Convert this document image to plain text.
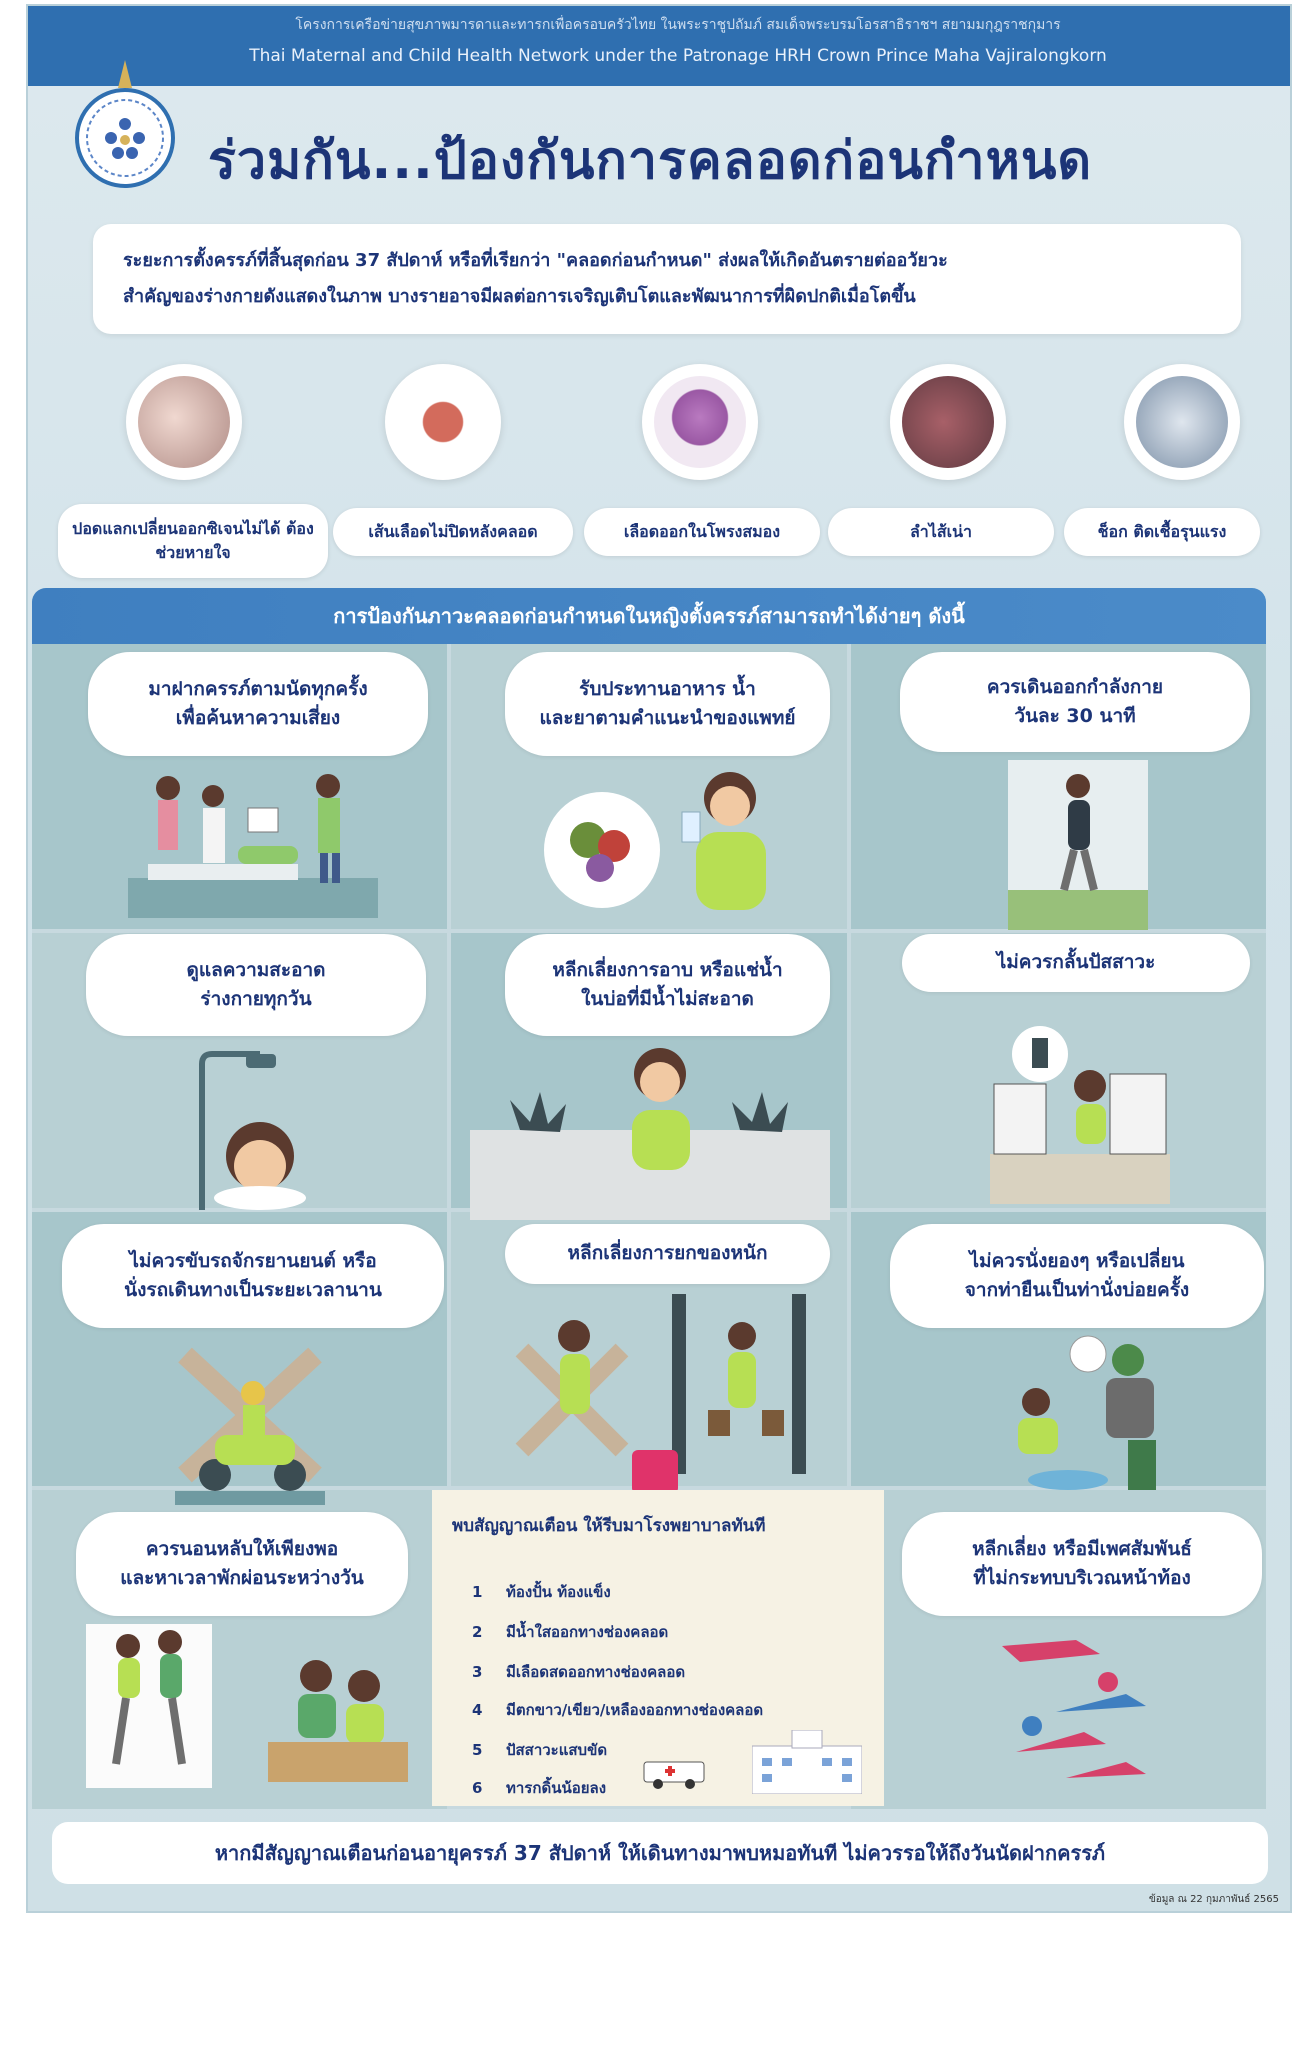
โครงการเครือข่ายสุขภาพมารดาและทารกเพื่อครอบครัวไทย ในพระราชูปถัมภ์ สมเด็จพระบรมโอรสาธิราชฯ สยามมกุฎราชกุมาร
Thai Maternal and Child Health Network under the Patronage HRH Crown Prince Maha Vajiralongkorn
ร่วมกัน...ป้องกันการคลอดก่อนกำหนด

ระยะการตั้งครรภ์ที่สิ้นสุดก่อน 37 สัปดาห์ หรือที่เรียกว่า "คลอดก่อนกำหนด" ส่งผลให้เกิดอันตรายต่ออวัยวะ

สำคัญของร่างกายดังแสดงในภาพ บางรายอาจมีผลต่อการเจริญเติบโตและพัฒนาการที่ผิดปกติเมื่อโตขึ้น

ปอดแลกเปลี่ยนออกซิเจนไม่ได้ ต้องช่วยหายใจ
เส้นเลือดไม่ปิดหลังคลอด	เลือดออกในโพรงสมอง	ลำไส้เน่า	ช็อก ติดเชื้อรุนแรง
การป้องกันภาวะคลอดก่อนกำหนดในหญิงตั้งครรภ์สามารถทำได้ง่ายๆ ดังนี้
มาฝากครรภ์ตามนัดทุกครั้ง
เพื่อค้นหาความเสี่ยง
รับประทานอาหาร น้ำ
และยาตามคำแนะนำของแพทย์
ควรเดินออกกำลังกาย
วันละ 30 นาที
ดูแลความสะอาด
ร่างกายทุกวัน
หลีกเลี่ยงการอาบ หรือแช่น้ำ
ในบ่อที่มีน้ำไม่สะอาด
ไม่ควรกลั้นปัสสาวะ
ไม่ควรขับรถจักรยานยนต์ หรือ
นั่งรถเดินทางเป็นระยะเวลานาน
หลีกเลี่ยงการยกของหนัก	ไม่ควรนั่งยองๆ หรือเปลี่ยน
จากท่ายืนเป็นท่านั่งบ่อยครั้ง
ควรนอนหลับให้เพียงพอ
และหาเวลาพักผ่อนระหว่างวัน
หลีกเลี่ยง หรือมีเพศสัมพันธ์
ที่ไม่กระทบบริเวณหน้าท้อง
พบสัญญาณเตือน ให้รีบมาโรงพยาบาลทันที
1 ท้องปั้น ท้องแข็ง
2 มีน้ำใสออกทางช่องคลอด
3 มีเลือดสดออกทางช่องคลอด
4 มีตกขาว/เขียว/เหลืองออกทางช่องคลอด
5 ปัสสาวะแสบขัด
6 ทารกดิ้นน้อยลง
หากมีสัญญาณเตือนก่อนอายุครรภ์ 37 สัปดาห์ ให้เดินทางมาพบหมอทันที ไม่ควรรอให้ถึงวันนัดฝากครรภ์
ข้อมูล ณ 22 กุมภาพันธ์ 2565
